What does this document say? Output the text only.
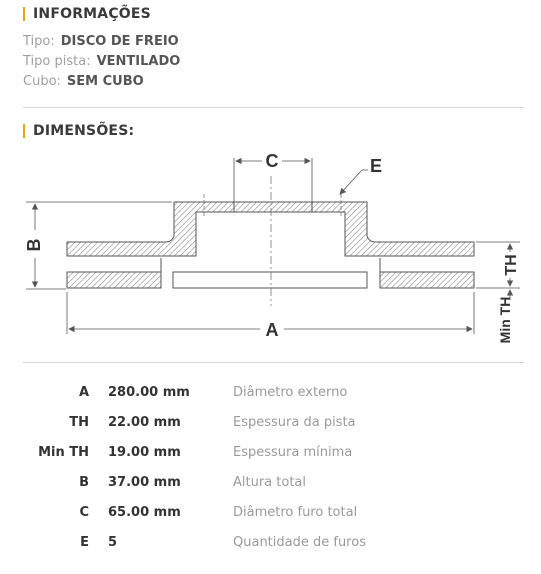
INFORMAÇÕES
Tipo: DISCO DE FREIO
Tipo pista: VENTILADO
Cubo: SEM CUBO
DIMENSÕES:
C	E
B
TH
Min TH
A
A 280.00 mm	Diâmetro externo
TH 22.00 mm	Espessura da pista
Min TH 19.00 mm	Espessura mínima
B 37.00 mm	Altura total
C 65.00 mm	Diâmetro furo total
E 5	Quantidade de furos
